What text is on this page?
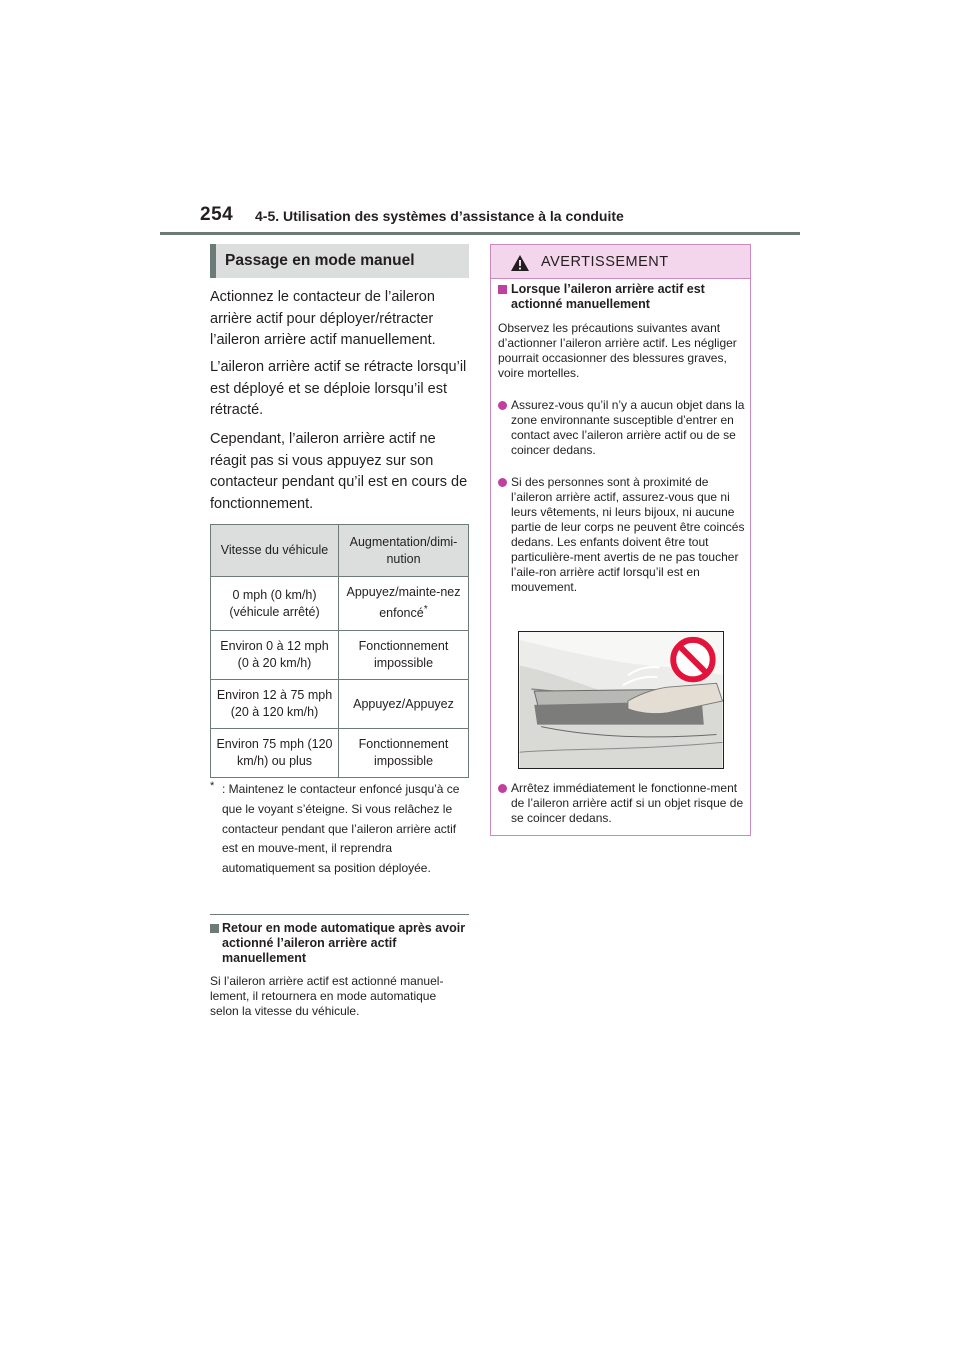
254 4-5. Utilisation des systèmes d’assistance à la conduite
Passage en mode manuel
Actionnez le contacteur de l’aileron arrière actif pour déployer/rétracter l’aileron arrière actif manuellement.
L’aileron arrière actif se rétracte lorsqu’il est déployé et se déploie lorsqu’il est rétracté.
Cependant, l’aileron arrière actif ne réagit pas si vous appuyez sur son contacteur pendant qu’il est en cours de fonctionnement.
Vitesse du véhicule	Augmentation/dimi-nution
0 mph (0 km/h) (véhicule arrêté)	Appuyez/mainte-nez enfoncé*
Environ 0 à 12 mph (0 à 20 km/h)	Fonctionnement impossible
Environ 12 à 75 mph (20 à 120 km/h)	Appuyez/Appuyez
Environ 75 mph (120 km/h) ou plus	Fonctionnement impossible
* : Maintenez le contacteur enfoncé jusqu’à ce que le voyant s’éteigne. Si vous relâchez le contacteur pendant que l’aileron arrière actif est en mouve-ment, il reprendra automatiquement sa position déployée.
Retour en mode automatique après avoir actionné l’aileron arrière actif manuellement
Si l’aileron arrière actif est actionné manuel-lement, il retournera en mode automatique selon la vitesse du véhicule.
AVERTISSEMENT
Lorsque l’aileron arrière actif est actionné manuellement
Observez les précautions suivantes avant d’actionner l’aileron arrière actif. Les négliger pourrait occasionner des blessures graves, voire mortelles.
Assurez-vous qu’il n’y a aucun objet dans la zone environnante susceptible d’entrer en contact avec l’aileron arrière actif ou de se coincer dedans.
Si des personnes sont à proximité de l’aileron arrière actif, assurez-vous que ni leurs vêtements, ni leurs bijoux, ni aucune partie de leur corps ne peuvent être coincés dedans. Les enfants doivent être tout particulière-ment avertis de ne pas toucher l’aile-ron arrière actif lorsqu’il est en mouvement.
Arrêtez immédiatement le fonctionne-ment de l’aileron arrière actif si un objet risque de se coincer dedans.
